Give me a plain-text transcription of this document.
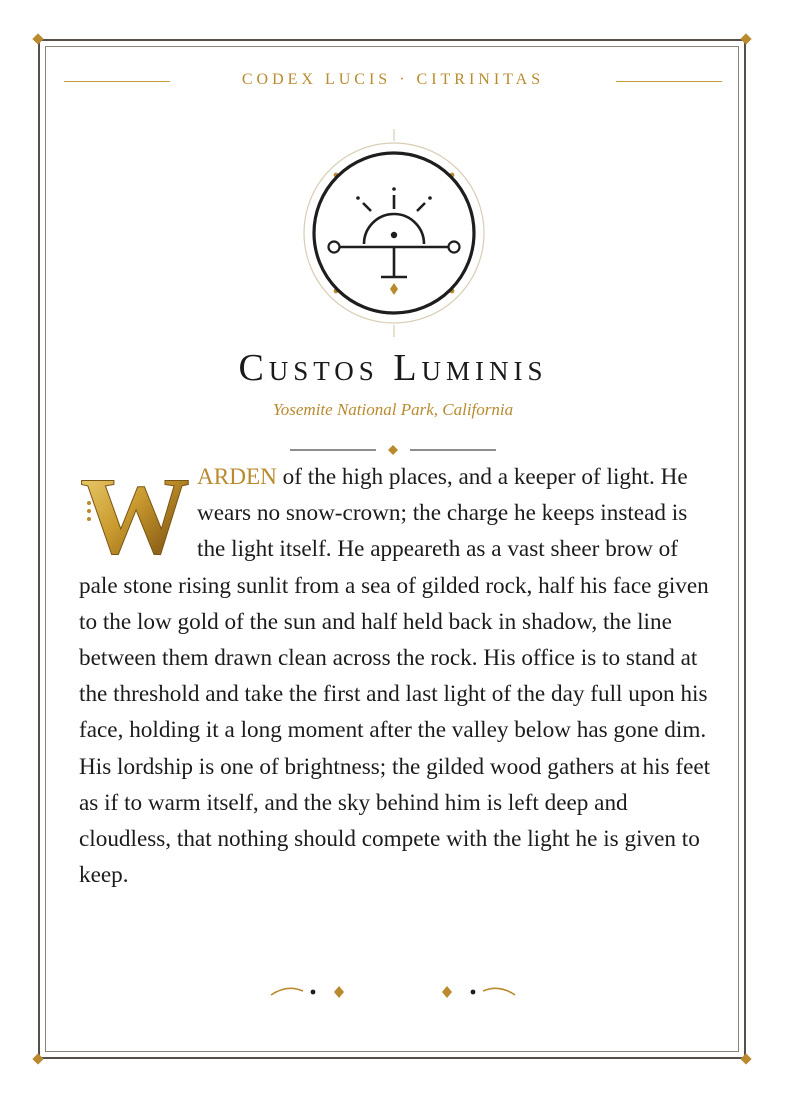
CODEX LUCIS · CITRINITAS
Custos Luminis
Yosemite National Park, California
W ARDEN of the high places, and a keeper of light. He wears no snow-crown; the charge he keeps instead is the light itself. He appeareth as a vast sheer brow of pale stone rising sunlit from a sea of gilded rock, half his face given to the low gold of the sun and half held back in shadow, the line between them drawn clean across the rock. His office is to stand at the threshold and take the first and last light of the day full upon his face, holding it a long moment after the valley below has gone dim. His lordship is one of brightness; the gilded wood gathers at his feet as if to warm itself, and the sky behind him is left deep and cloudless, that nothing should compete with the light he is given to keep.
